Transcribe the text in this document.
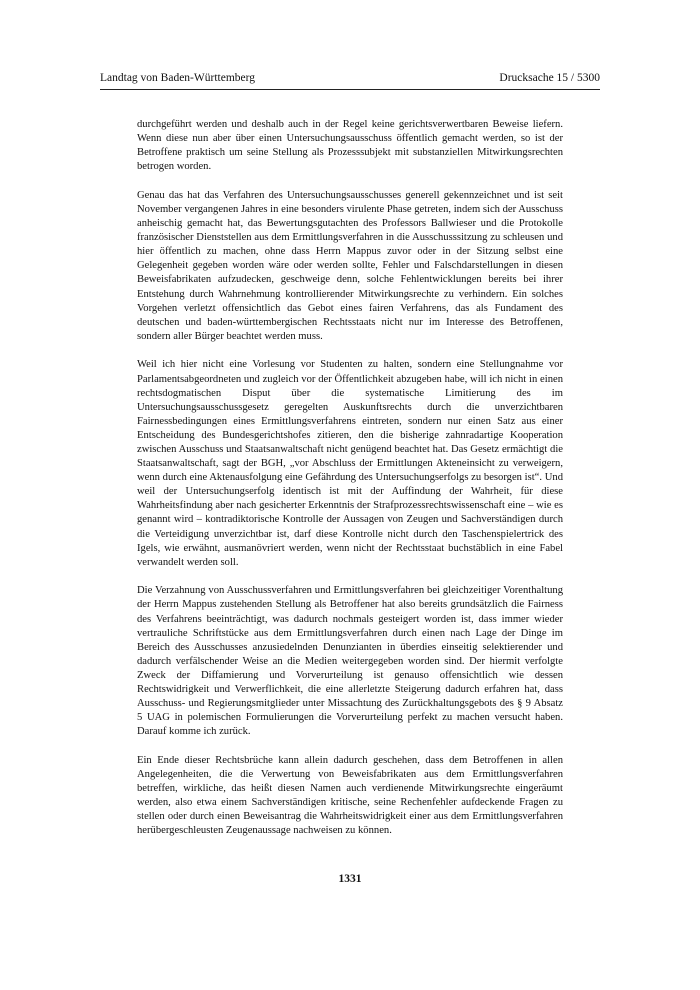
Landtag von Baden-Württemberg	Drucksache 15 / 5300

durchgeführt werden und deshalb auch in der Regel keine gerichtsverwertbaren Beweise liefern. Wenn diese nun aber über einen Untersuchungsausschuss öffentlich gemacht werden, so ist der Betroffene praktisch um seine Stellung als Prozesssubjekt mit substanziellen Mitwirkungsrechten betrogen worden.

Genau das hat das Verfahren des Untersuchungsausschusses generell gekennzeichnet und ist seit November vergangenen Jahres in eine besonders virulente Phase getreten, indem sich der Ausschuss anheischig gemacht hat, das Bewertungsgutachten des Professors Ballwieser und die Protokolle französischer Dienststellen aus dem Ermittlungsverfahren in die Ausschusssitzung zu schleusen und hier öffentlich zu machen, ohne dass Herrn Mappus zuvor oder in der Sitzung selbst eine Gelegenheit gegeben worden wäre oder werden sollte, Fehler und Falschdarstellungen in diesen Beweisfabrikaten aufzudecken, geschweige denn, solche Fehlentwicklungen bereits bei ihrer Entstehung durch Wahrnehmung kontrollierender Mitwirkungsrechte zu verhindern. Ein solches Vorgehen verletzt offensichtlich das Gebot eines fairen Verfahrens, das als Fundament des deutschen und baden-württembergischen Rechtsstaats nicht nur im Interesse des Betroffenen, sondern aller Bürger beachtet werden muss.

Weil ich hier nicht eine Vorlesung vor Studenten zu halten, sondern eine Stellungnahme vor Parlamentsabgeordneten und zugleich vor der Öffentlichkeit abzugeben habe, will ich nicht in einen rechtsdogmatischen Disput über die systematische Limitierung des im Untersuchungsausschussgesetz geregelten Auskunftsrechts durch die unverzichtbaren Fairnessbedingungen eines Ermittlungsverfahrens eintreten, sondern nur einen Satz aus einer Entscheidung des Bundesgerichtshofes zitieren, den die bisherige zahnradartige Kooperation zwischen Ausschuss und Staatsanwaltschaft nicht genügend beachtet hat. Das Gesetz ermächtigt die Staatsanwaltschaft, sagt der BGH, „vor Abschluss der Ermittlungen Akteneinsicht zu verweigern, wenn durch eine Aktenausfolgung eine Gefährdung des Untersuchungserfolgs zu besorgen ist“. Und weil der Untersuchungserfolg identisch ist mit der Auffindung der Wahrheit, für diese Wahrheitsfindung aber nach gesicherter Erkenntnis der Strafprozessrechtswissenschaft eine – wie es genannt wird – kontradiktorische Kontrolle der Aussagen von Zeugen und Sachverständigen durch die Verteidigung unverzichtbar ist, darf diese Kontrolle nicht durch den Taschenspielertrick des Igels, wie erwähnt, ausmanövriert werden, wenn nicht der Rechtsstaat buchstäblich in eine Fabel verwandelt werden soll.

Die Verzahnung von Ausschussverfahren und Ermittlungsverfahren bei gleichzeitiger Vorenthaltung der Herrn Mappus zustehenden Stellung als Betroffener hat also bereits grundsätzlich die Fairness des Verfahrens beeinträchtigt, was dadurch nochmals gesteigert worden ist, dass immer wieder vertrauliche Schriftstücke aus dem Ermittlungsverfahren durch einen nach Lage der Dinge im Bereich des Ausschusses anzusiedelnden Denunzianten in überdies einseitig selektierender und dadurch verfälschender Weise an die Medien weitergegeben worden sind. Der hiermit verfolgte Zweck der Diffamierung und Vorverurteilung ist genauso offensichtlich wie dessen Rechtswidrigkeit und Verwerflichkeit, die eine allerletzte Steigerung dadurch erfahren hat, dass Ausschuss- und Regierungsmitglieder unter Missachtung des Zurückhaltungsgebots des § 9 Absatz 5 UAG in polemischen Formulierungen die Vorverurteilung perfekt zu machen versucht haben. Darauf komme ich zurück.

Ein Ende dieser Rechtsbrüche kann allein dadurch geschehen, dass dem Betroffenen in allen Angelegenheiten, die die Verwertung von Beweisfabrikaten aus dem Ermittlungsverfahren betreffen, wirkliche, das heißt diesen Namen auch verdienende Mitwirkungsrechte eingeräumt werden, also etwa einem Sachverständigen kritische, seine Rechenfehler aufdeckende Fragen zu stellen oder durch einen Beweisantrag die Wahrheitswidrigkeit einer aus dem Ermittlungsverfahren herübergeschleusten Zeugenaussage nachweisen zu können.

1331
